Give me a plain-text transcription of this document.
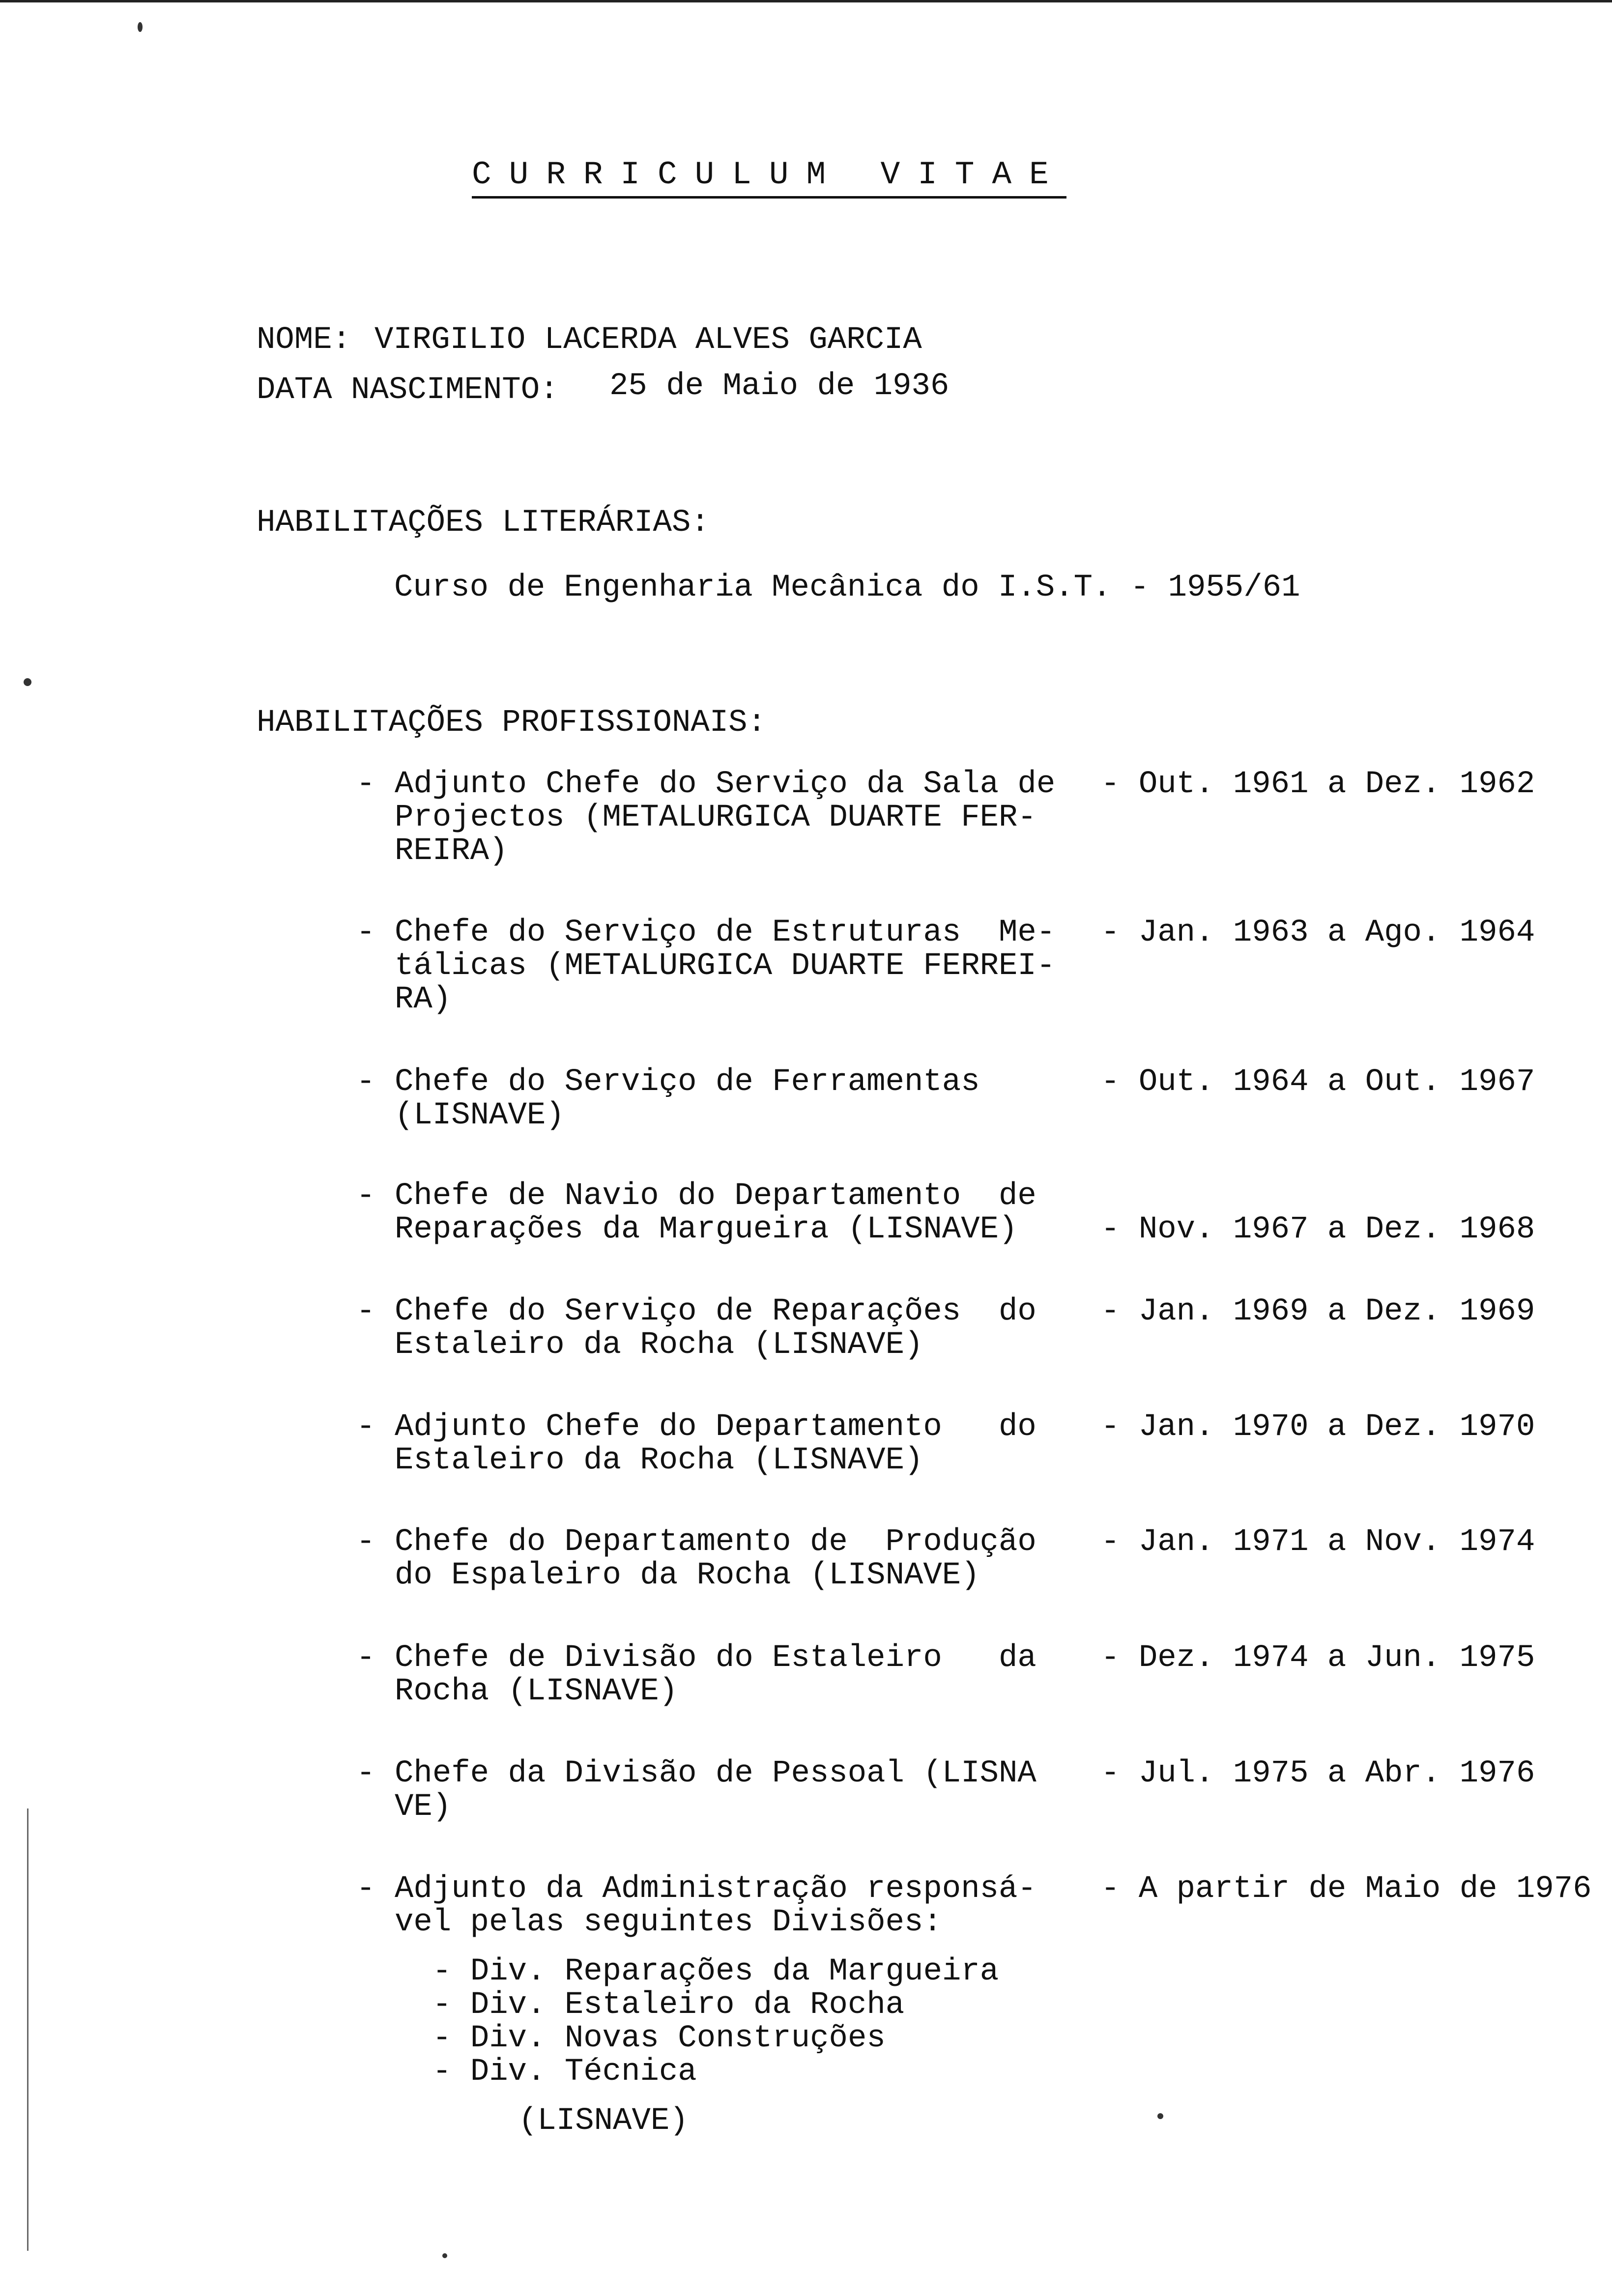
CURRICULUM VITAE
NOME: VIRGILIO LACERDA ALVES GARCIA
DATA NASCIMENTO: 25 de Maio de 1936
HABILITAÇÕES LITERÁRIAS:
Curso de Engenharia Mecânica do I.S.T. - 1955/61
HABILITAÇÕES PROFISSIONAIS:
- Adjunto Chefe do Serviço da Sala de
Projectos (METALURGICA DUARTE FER-
REIRA)
- Out. 1961 a Dez. 1962
- Chefe do Serviço de Estruturas  Me-
tálicas (METALURGICA DUARTE FERREI-
RA)
- Jan. 1963 a Ago. 1964
- Chefe do Serviço de Ferramentas
(LISNAVE)
- Out. 1964 a Out. 1967
- Chefe de Navio do Departamento  de
Reparações da Margueira (LISNAVE)	- Nov. 1967 a Dez. 1968
- Chefe do Serviço de Reparações  do
Estaleiro da Rocha (LISNAVE)
- Jan. 1969 a Dez. 1969
- Adjunto Chefe do Departamento   do
Estaleiro da Rocha (LISNAVE)
- Jan. 1970 a Dez. 1970
- Chefe do Departamento de  Produção
do Espaleiro da Rocha (LISNAVE)
- Jan. 1971 a Nov. 1974
- Chefe de Divisão do Estaleiro   da
Rocha (LISNAVE)
- Dez. 1974 a Jun. 1975
- Chefe da Divisão de Pessoal (LISNA
VE)
- Jul. 1975 a Abr. 1976
- Adjunto da Administração responsá-
vel pelas seguintes Divisões:
- A partir de Maio de 1976
- Div. Reparações da Margueira
- Div. Estaleiro da Rocha
- Div. Novas Construções
- Div. Técnica
(LISNAVE)
